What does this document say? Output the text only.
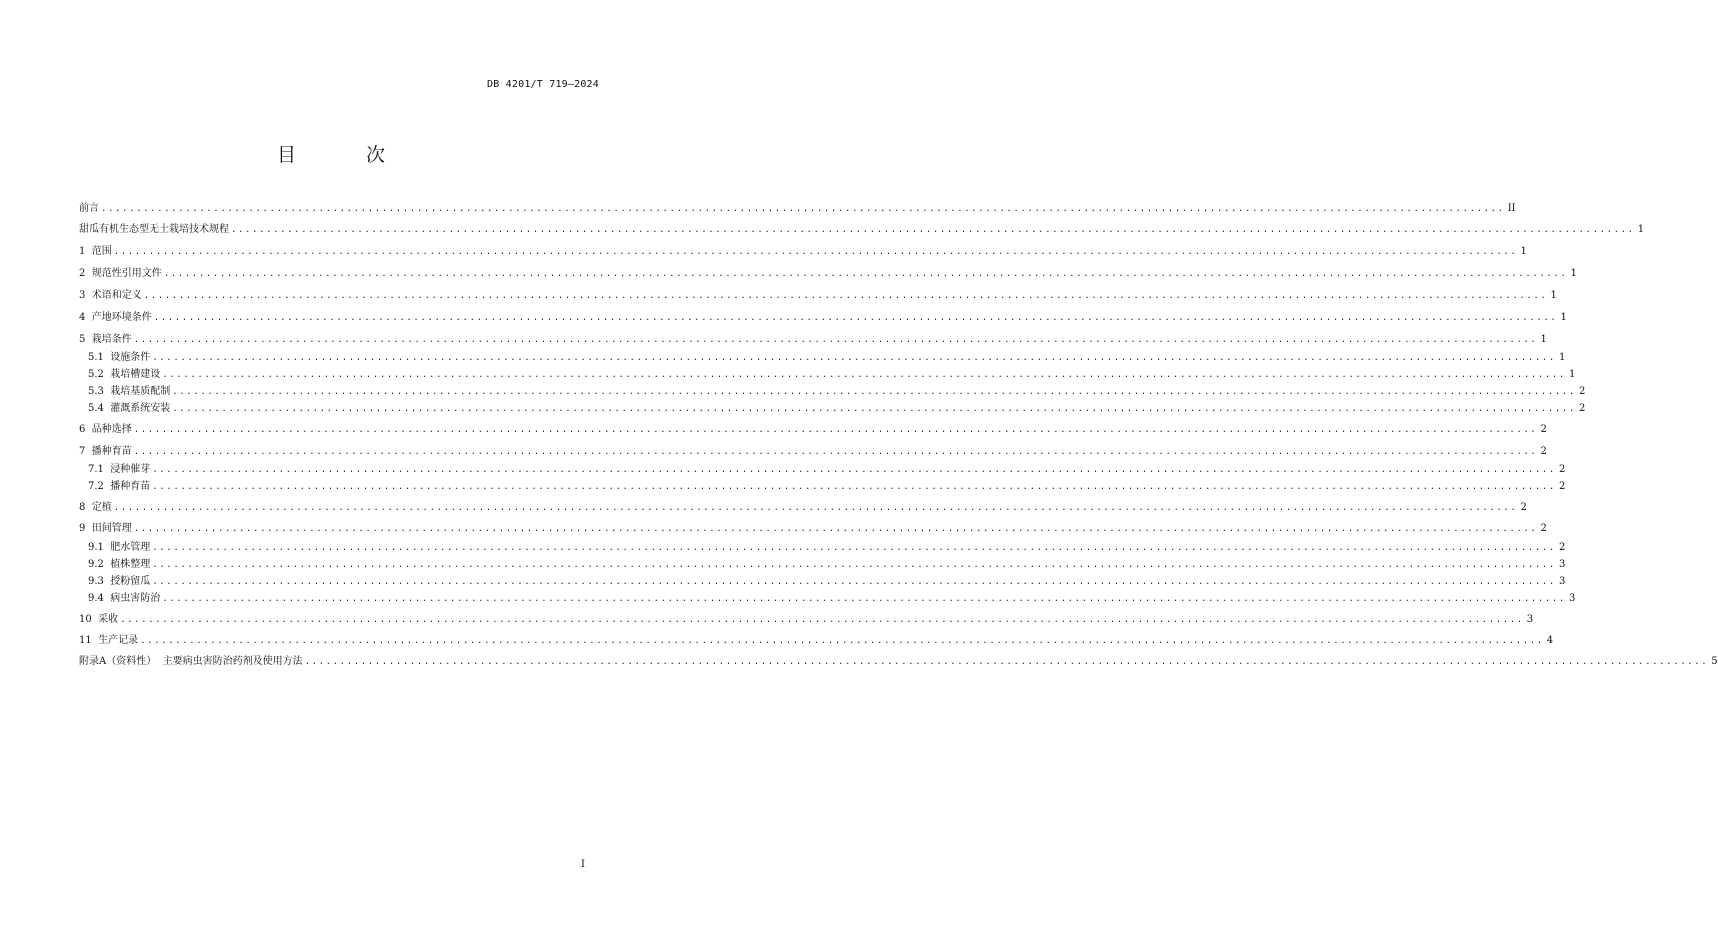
DB 4201/T 719—2024
目 次
前言 ........................................................................................................................................................................................................ II
甜瓜有机生态型无土栽培技术规程 ........................................................................................................................................................................................................ 1
1  范围 ........................................................................................................................................................................................................ 1
2  规范性引用文件 ........................................................................................................................................................................................................ 1
3  术语和定义 ........................................................................................................................................................................................................ 1
4  产地环境条件 ........................................................................................................................................................................................................ 1
5  栽培条件 ........................................................................................................................................................................................................ 1
5.1  设施条件 ........................................................................................................................................................................................................ 1
5.2  栽培槽建设 ........................................................................................................................................................................................................ 1
5.3  栽培基质配制 ........................................................................................................................................................................................................ 2
5.4  灌溉系统安装 ........................................................................................................................................................................................................ 2
6  品种选择 ........................................................................................................................................................................................................ 2
7  播种育苗 ........................................................................................................................................................................................................ 2
7.1  浸种催芽 ........................................................................................................................................................................................................ 2
7.2  播种育苗 ........................................................................................................................................................................................................ 2
8  定植 ........................................................................................................................................................................................................ 2
9  田间管理 ........................................................................................................................................................................................................ 2
9.1  肥水管理 ........................................................................................................................................................................................................ 2
9.2  植株整理 ........................................................................................................................................................................................................ 3
9.3  授粉留瓜 ........................................................................................................................................................................................................ 3
9.4  病虫害防治 ........................................................................................................................................................................................................ 3
10  采收 ........................................................................................................................................................................................................ 3
11  生产记录 ........................................................................................................................................................................................................ 4
附录A（资料性）  主要病虫害防治药剂及使用方法 ........................................................................................................................................................................................................ 5
I
